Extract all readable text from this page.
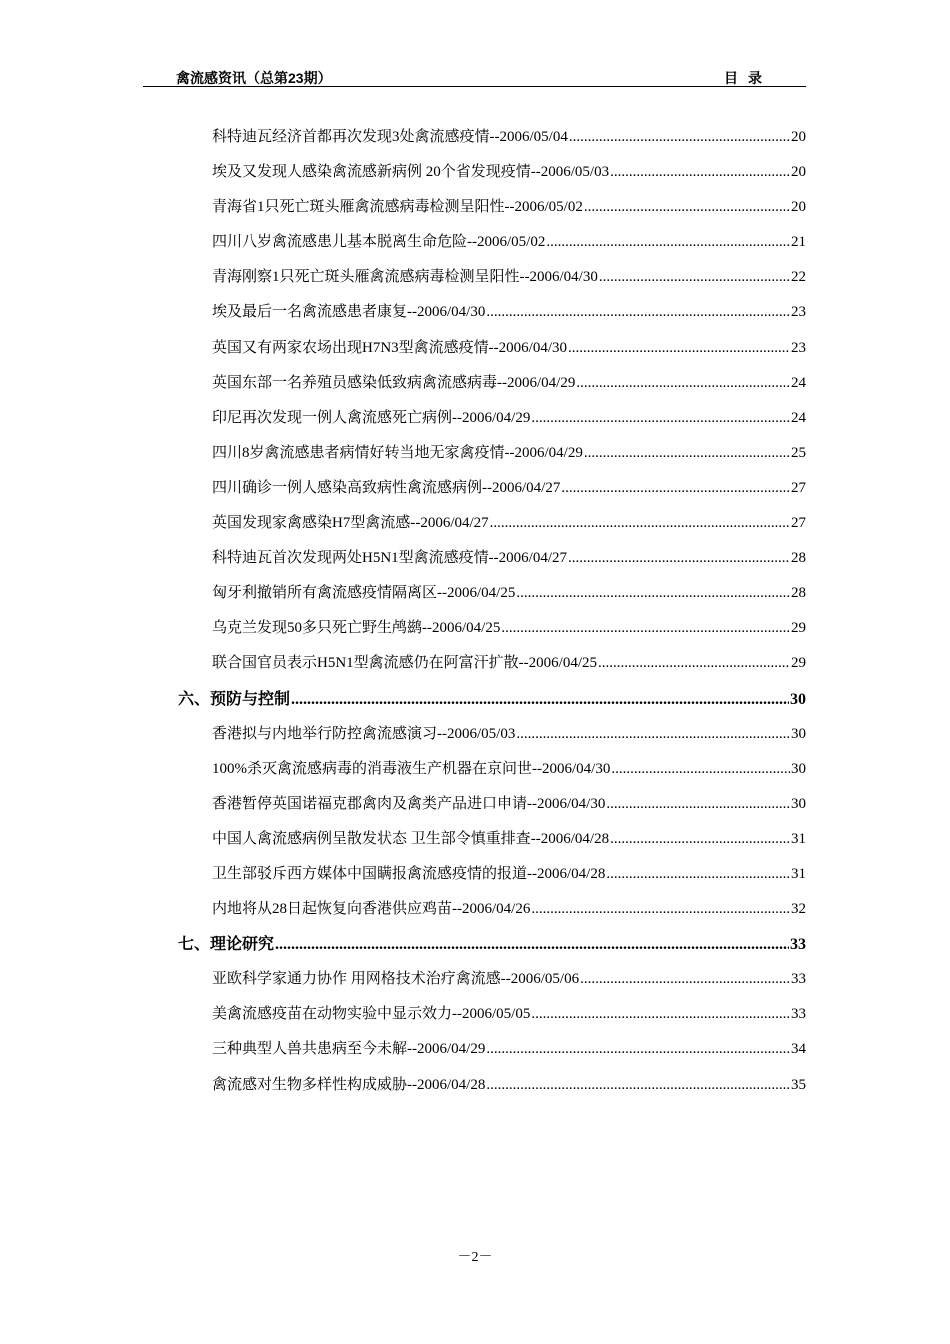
禽流感资讯（总第23期）	目录
科特迪瓦经济首都再次发现3处禽流感疫情--2006/05/04 .....	20
埃及又发现人感染禽流感新病例 20个省发现疫情--2006/05/03 .....	20
青海省1只死亡斑头雁禽流感病毒检测呈阳性--2006/05/02 .....	20
四川八岁禽流感患儿基本脱离生命危险--2006/05/02 .....	21
青海刚察1只死亡斑头雁禽流感病毒检测呈阳性--2006/04/30 .....	22
埃及最后一名禽流感患者康复--2006/04/30 .....	23
英国又有两家农场出现H7N3型禽流感疫情--2006/04/30 .....	23
英国东部一名养殖员感染低致病禽流感病毒--2006/04/29 .....	24
印尼再次发现一例人禽流感死亡病例--2006/04/29 .....	24
四川8岁禽流感患者病情好转当地无家禽疫情--2006/04/29 .....	25
四川确诊一例人感染高致病性禽流感病例--2006/04/27 .....	27
英国发现家禽感染H7型禽流感--2006/04/27 .....	27
科特迪瓦首次发现两处H5N1型禽流感疫情--2006/04/27 .....	28
匈牙利撤销所有禽流感疫情隔离区--2006/04/25 .....	28
乌克兰发现50多只死亡野生鸬鹚--2006/04/25 .....	29
联合国官员表示H5N1型禽流感仍在阿富汗扩散--2006/04/25 .....	29
六、预防与控制 .....	30
香港拟与内地举行防控禽流感演习--2006/05/03 .....	30
100%杀灭禽流感病毒的消毒液生产机器在京问世--2006/04/30 .....	30
香港暂停英国诺福克郡禽肉及禽类产品进口申请--2006/04/30 .....	30
中国人禽流感病例呈散发状态 卫生部令慎重排查--2006/04/28 .....	31
卫生部驳斥西方媒体中国瞒报禽流感疫情的报道--2006/04/28 .....	31
内地将从28日起恢复向香港供应鸡苗--2006/04/26 .....	32
七、理论研究 .....	33
亚欧科学家通力协作 用网格技术治疗禽流感--2006/05/06 .....	33
美禽流感疫苗在动物实验中显示效力--2006/05/05 .....	33
三种典型人兽共患病至今未解--2006/04/29 .....	34
禽流感对生物多样性构成威胁--2006/04/28 .....	35
－2－
